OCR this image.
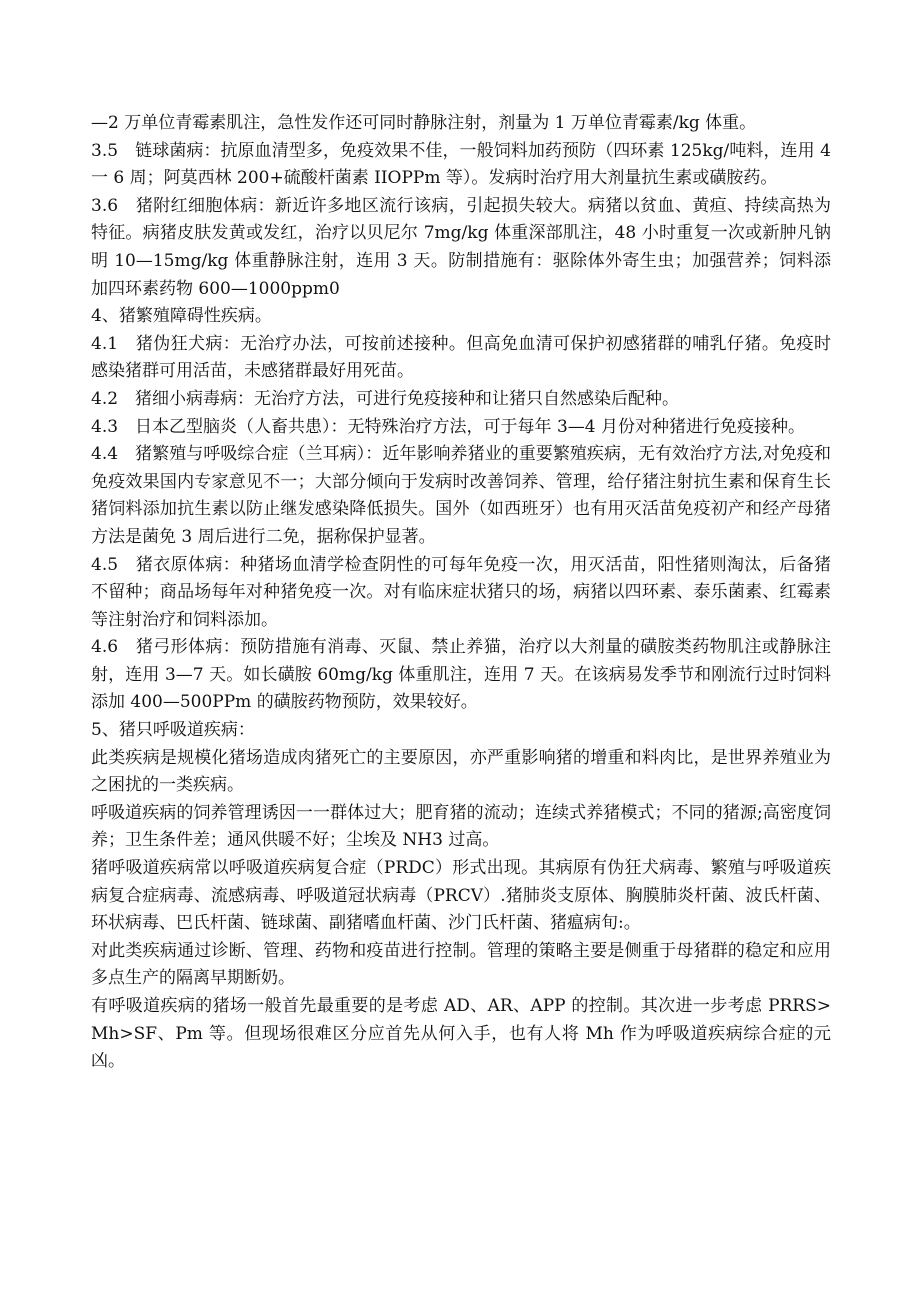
—2 万单位青霉素肌注，急性发作还可同时静脉注射，剂量为 1 万单位青霉素/kg 体重。

3.5　链球菌病：抗原血清型多，免疫效果不佳，一般饲料加药预防（四环素 125kg/吨料，连用 4 一 6 周；阿莫西林 200+硫酸杆菌素 IIOPPm 等）。发病时治疗用大剂量抗生素或磺胺药。

3.6　猪附红细胞体病：新近许多地区流行该病，引起损失较大。病猪以贫血、黄疸、持续高热为特征。病猪皮肤发黄或发红，治疗以贝尼尔 7mg/kg 体重深部肌注，48 小时重复一次或新肿凡钠明 10—15mg/kg 体重静脉注射，连用 3 天。防制措施有：驱除体外寄生虫；加强营养；饲料添加四环素药物 600—1000ppm0

4、猪繁殖障碍性疾病。

4.1　猪伪狂犬病：无治疗办法，可按前述接种。但高免血清可保护初感猪群的哺乳仔猪。免疫时感染猪群可用活苗，未感猪群最好用死苗。

4.2　猪细小病毒病：无治疗方法，可进行免疫接种和让猪只自然感染后配种。

4.3　日本乙型脑炎（人畜共患）：无特殊治疗方法，可于每年 3—4 月份对种猪进行免疫接种。

4.4　猪繁殖与呼吸综合症（兰耳病）：近年影响养猪业的重要繁殖疾病，无有效治疗方法,对免疫和免疫效果国内专家意见不一；大部分倾向于发病时改善饲养、管理，给仔猪注射抗生素和保育生长猪饲料添加抗生素以防止继发感染降低损失。国外（如西班牙）也有用灭活苗免疫初产和经产母猪方法是菌免 3 周后进行二免，据称保护显著。

4.5　猪衣原体病：种猪场血清学检查阴性的可每年免疫一次，用灭活苗，阳性猪则淘汰，后备猪不留种；商品场每年对种猪免疫一次。对有临床症状猪只的场，病猪以四环素、泰乐菌素、红霉素等注射治疗和饲料添加。

4.6　猪弓形体病：预防措施有消毒、灭鼠、禁止养猫，治疗以大剂量的磺胺类药物肌注或静脉注射，连用 3—7 天。如长磺胺 60mg/kg 体重肌注，连用 7 天。在该病易发季节和刚流行过时饲料添加 400—500PPm 的磺胺药物预防，效果较好。

5、猪只呼吸道疾病：

此类疾病是规模化猪场造成肉猪死亡的主要原因，亦严重影响猪的增重和料肉比，是世界养殖业为之困扰的一类疾病。

呼吸道疾病的饲养管理诱因一一群体过大；肥育猪的流动；连续式养猪模式；不同的猪源;高密度饲养；卫生条件差；通风供暖不好；尘埃及 NH3 过高。

猪呼吸道疾病常以呼吸道疾病复合症（PRDC）形式出现。其病原有伪狂犬病毒、繁殖与呼吸道疾病复合症病毒、流感病毒、呼吸道冠状病毒（PRCV）.猪肺炎支原体、胸膜肺炎杆菌、波氏杆菌、环状病毒、巴氏杆菌、链球菌、副猪嗜血杆菌、沙门氏杆菌、猪瘟病旬:。

对此类疾病通过诊断、管理、药物和疫苗进行控制。管理的策略主要是侧重于母猪群的稳定和应用多点生产的隔离早期断奶。

有呼吸道疾病的猪场一般首先最重要的是考虑 AD、AR、APP 的控制。其次进一步考虑 PRRS>Mh>SF、Pm 等。但现场很难区分应首先从何入手，也有人将 Mh 作为呼吸道疾病综合症的元凶。
